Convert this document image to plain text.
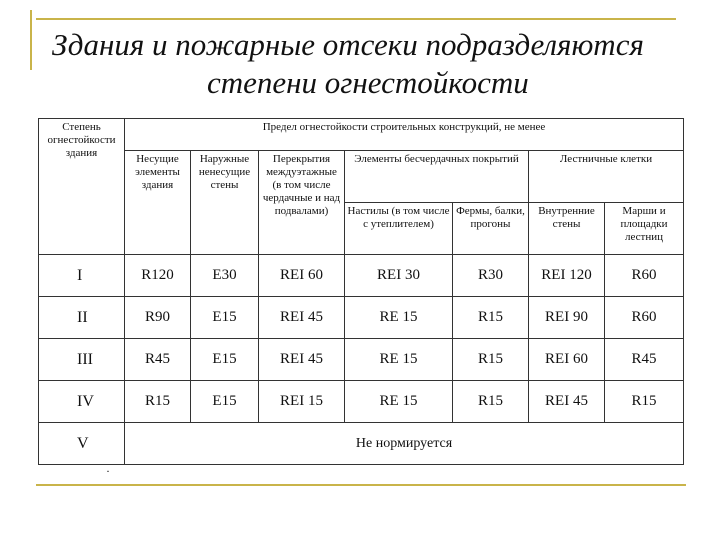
Здания и пожарные отсеки подразделяются
степени огнестойкости
Степень огнестойкости здания	Предел огнестойкости строительных конструкций, не менее						
	Несущие элементы здания	Наружные ненесущие стены	Перекрытия междуэтажные (в том числе чердачные и над подвалами)	Элементы бесчердачных покрытий		Лестничные клетки	
				Настилы (в том числе с утеплителем)	Фермы, балки, прогоны	Внутренние стены	Марши и площадки лестниц
I	R120	E30	REI 60	REI 30	R30	REI 120	R60
II	R90	E15	REI 45	RE 15	R15	REI 90	R60
III	R45	E15	REI 45	RE 15	R15	REI 60	R45
IV	R15	E15	REI 15	RE 15	R15	REI 45	R15
V	Не нормируется						
·
